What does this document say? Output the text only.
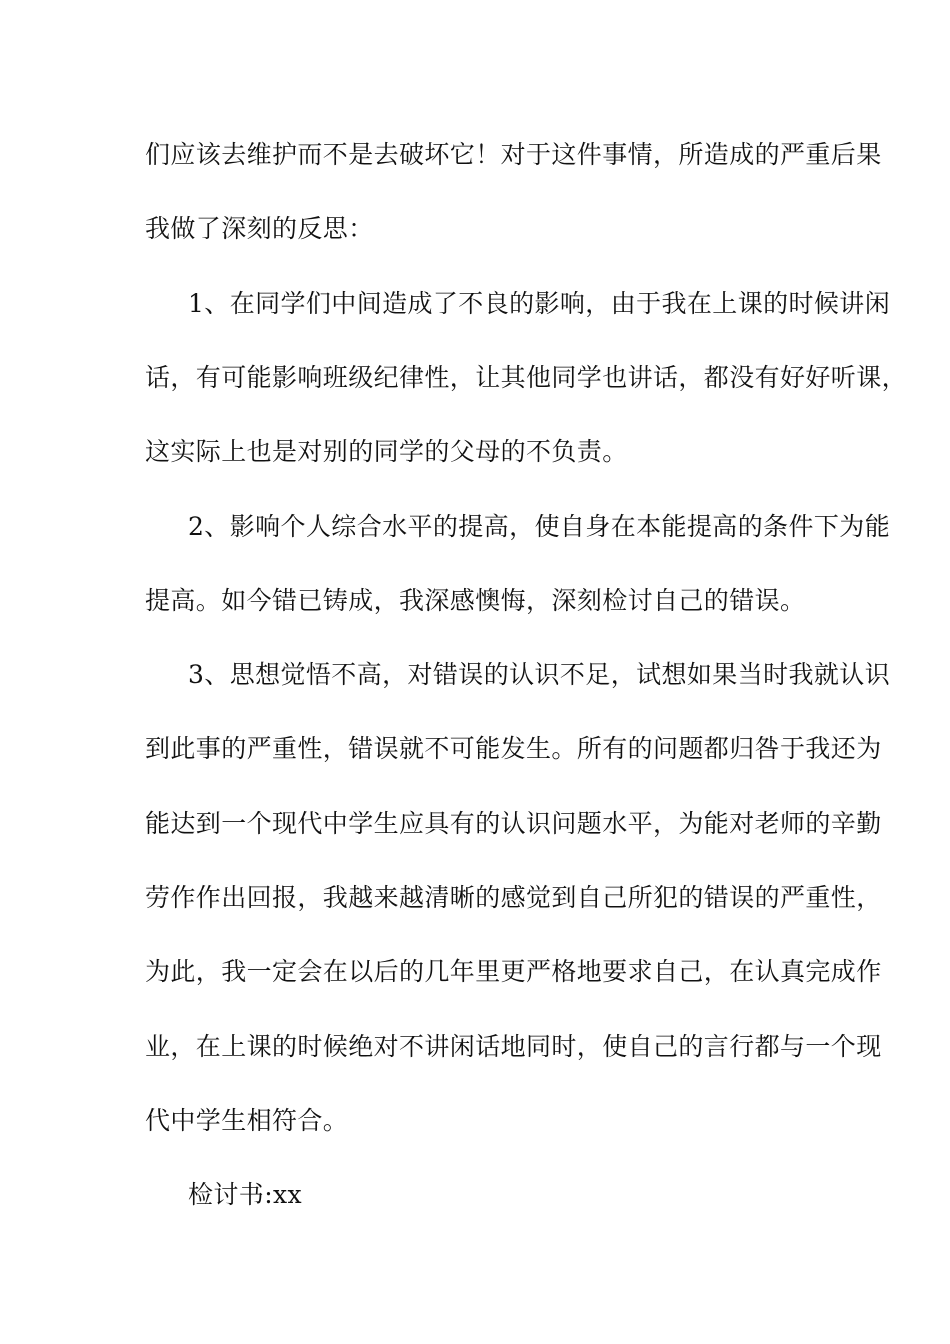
们应该去维护而不是去破坏它！对于这件事情，所造成的严重后果
我做了深刻的反思：
1、在同学们中间造成了不良的影响，由于我在上课的时候讲闲
话，有可能影响班级纪律性，让其他同学也讲话，都没有好好听课，
这实际上也是对别的同学的父母的不负责。
2、影响个人综合水平的提高，使自身在本能提高的条件下为能
提高。如今错已铸成，我深感懊悔，深刻检讨自己的错误。
3、思想觉悟不高，对错误的认识不足，试想如果当时我就认识
到此事的严重性，错误就不可能发生。所有的问题都归咎于我还为
能达到一个现代中学生应具有的认识问题水平，为能对老师的辛勤
劳作作出回报，我越来越清晰的感觉到自己所犯的错误的严重性，
为此，我一定会在以后的几年里更严格地要求自己，在认真完成作
业，在上课的时候绝对不讲闲话地同时，使自己的言行都与一个现
代中学生相符合。
检讨书:xx
